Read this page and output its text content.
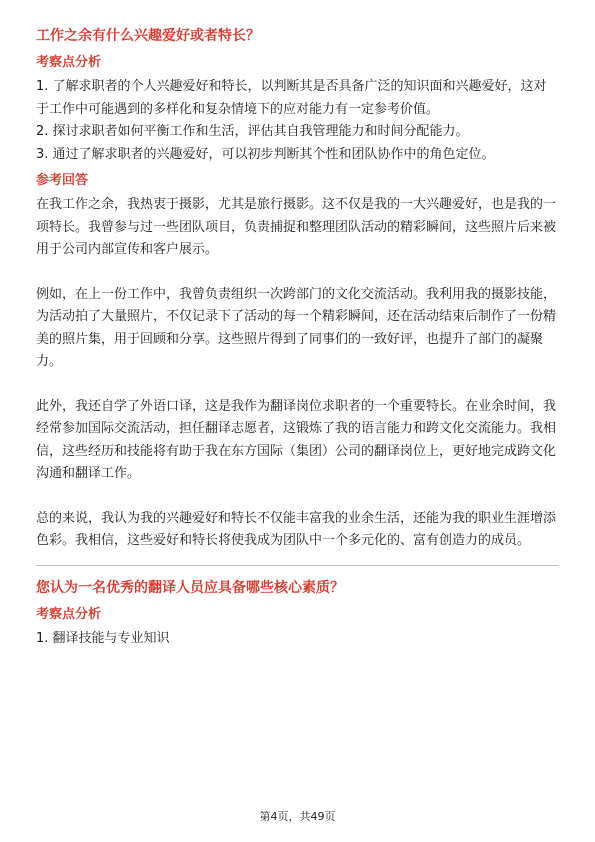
工作之余有什么兴趣爱好或者特长？
考察点分析

1. 了解求职者的个人兴趣爱好和特长，以判断其是否具备广泛的知识面和兴趣爱好，这对于工作中可能遇到的多样化和复杂情境下的应对能力有一定参考价值。

2. 探讨求职者如何平衡工作和生活，评估其自我管理能力和时间分配能力。

3. 通过了解求职者的兴趣爱好，可以初步判断其个性和团队协作中的角色定位。

参考回答

在我工作之余，我热衷于摄影，尤其是旅行摄影。这不仅是我的一大兴趣爱好，也是我的一项特长。我曾参与过一些团队项目，负责捕捉和整理团队活动的精彩瞬间，这些照片后来被用于公司内部宣传和客户展示。

例如，在上一份工作中，我曾负责组织一次跨部门的文化交流活动。我利用我的摄影技能，为活动拍了大量照片，不仅记录下了活动的每一个精彩瞬间，还在活动结束后制作了一份精美的照片集，用于回顾和分享。这些照片得到了同事们的一致好评，也提升了部门的凝聚力。

此外，我还自学了外语口译，这是我作为翻译岗位求职者的一个重要特长。在业余时间，我经常参加国际交流活动，担任翻译志愿者，这锻炼了我的语言能力和跨文化交流能力。我相信，这些经历和技能将有助于我在东方国际（集团）公司的翻译岗位上，更好地完成跨文化沟通和翻译工作。

总的来说，我认为我的兴趣爱好和特长不仅能丰富我的业余生活，还能为我的职业生涯增添色彩。我相信，这些爱好和特长将使我成为团队中一个多元化的、富有创造力的成员。

您认为一名优秀的翻译人员应具备哪些核心素质？
考察点分析

1. 翻译技能与专业知识

第4页，共49页
